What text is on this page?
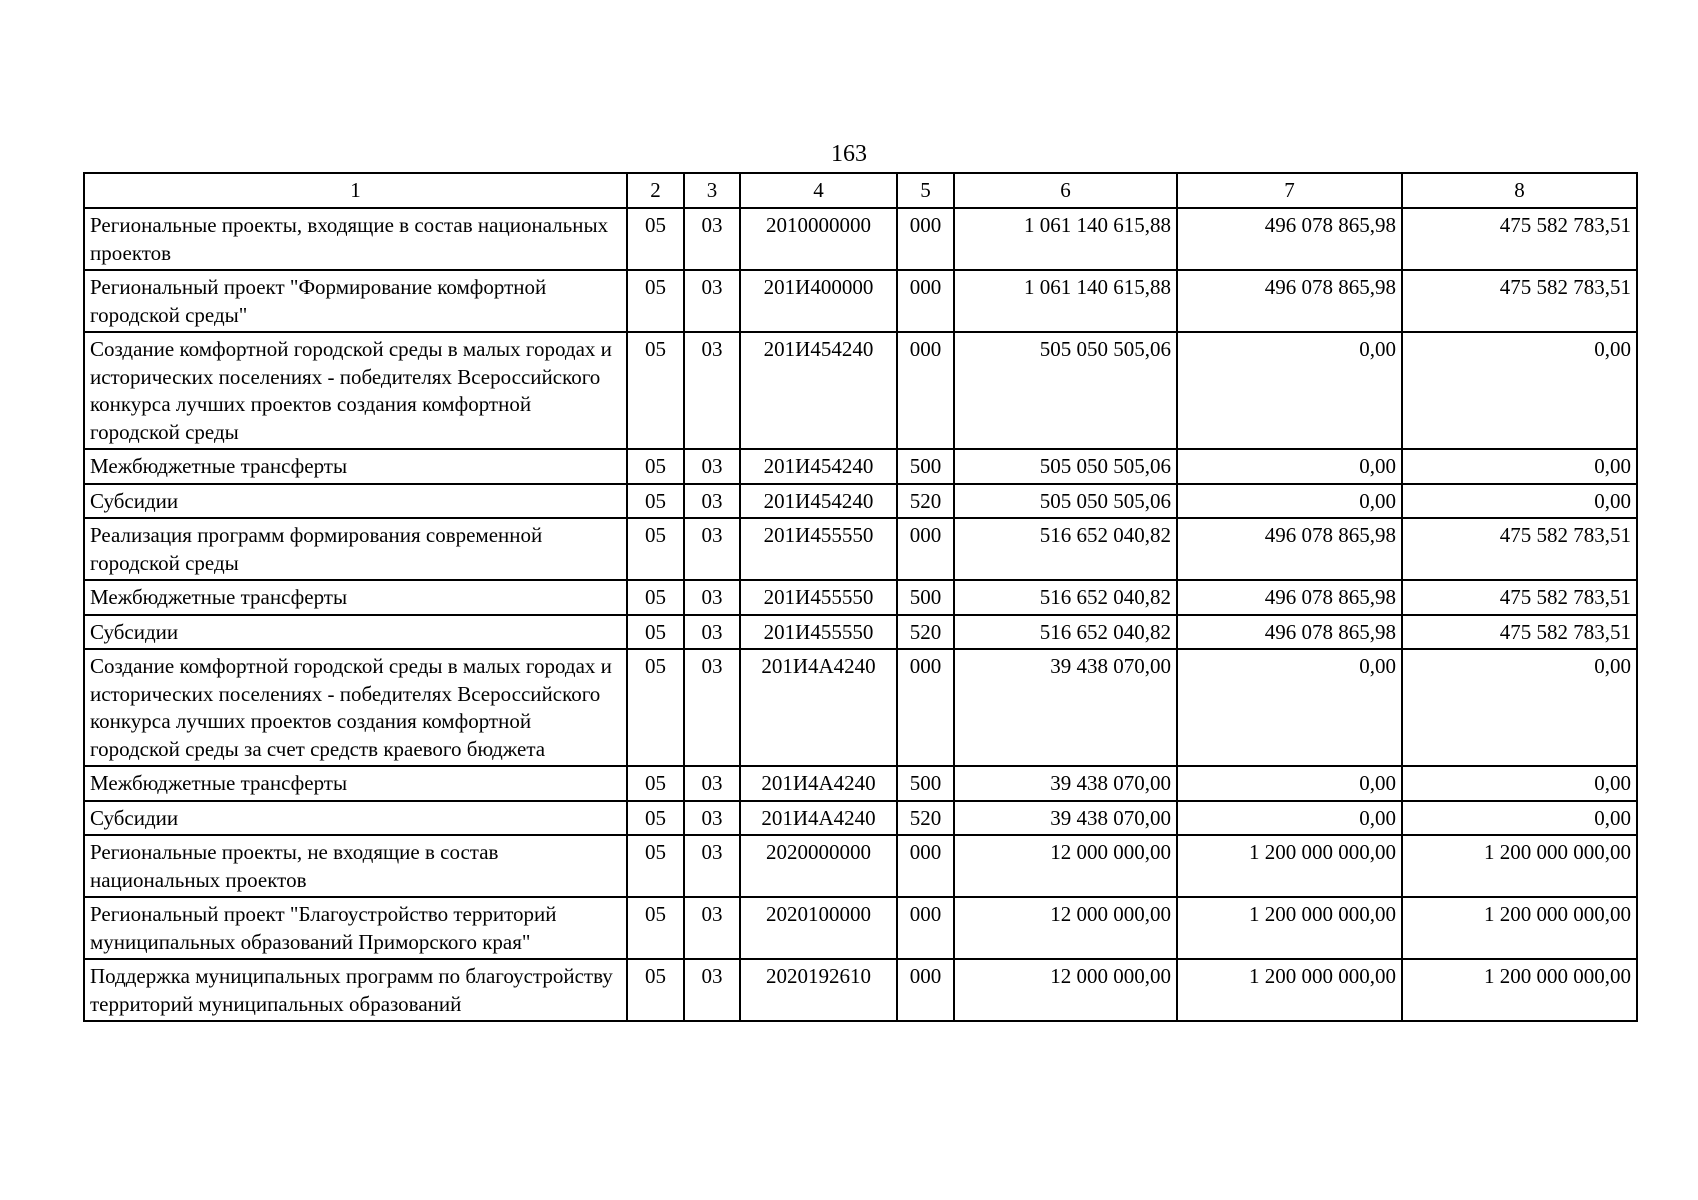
163
1	2	3	4	5	6	7	8
Региональные проекты, входящие в состав национальных проектов	05	03	2010000000	000	1 061 140 615,88	496 078 865,98	475 582 783,51
Региональный проект "Формирование комфортной городской среды"	05	03	201И400000	000	1 061 140 615,88	496 078 865,98	475 582 783,51
Создание комфортной городской среды в малых городах и исторических поселениях - победителях Всероссийского конкурса лучших проектов создания комфортной городской среды	05	03	201И454240	000	505 050 505,06	0,00	0,00
Межбюджетные трансферты	05	03	201И454240	500	505 050 505,06	0,00	0,00
Субсидии	05	03	201И454240	520	505 050 505,06	0,00	0,00
Реализация программ формирования современной городской среды	05	03	201И455550	000	516 652 040,82	496 078 865,98	475 582 783,51
Межбюджетные трансферты	05	03	201И455550	500	516 652 040,82	496 078 865,98	475 582 783,51
Субсидии	05	03	201И455550	520	516 652 040,82	496 078 865,98	475 582 783,51
Создание комфортной городской среды в малых городах и исторических поселениях - победителях Всероссийского конкурса лучших проектов создания комфортной городской среды за счет средств краевого бюджета	05	03	201И4А4240	000	39 438 070,00	0,00	0,00
Межбюджетные трансферты	05	03	201И4А4240	500	39 438 070,00	0,00	0,00
Субсидии	05	03	201И4А4240	520	39 438 070,00	0,00	0,00
Региональные проекты, не входящие в состав национальных проектов	05	03	2020000000	000	12 000 000,00	1 200 000 000,00	1 200 000 000,00
Региональный проект "Благоустройство территорий муниципальных образований Приморского края"	05	03	2020100000	000	12 000 000,00	1 200 000 000,00	1 200 000 000,00
Поддержка муниципальных программ по благоустройству территорий муниципальных образований	05	03	2020192610	000	12 000 000,00	1 200 000 000,00	1 200 000 000,00
